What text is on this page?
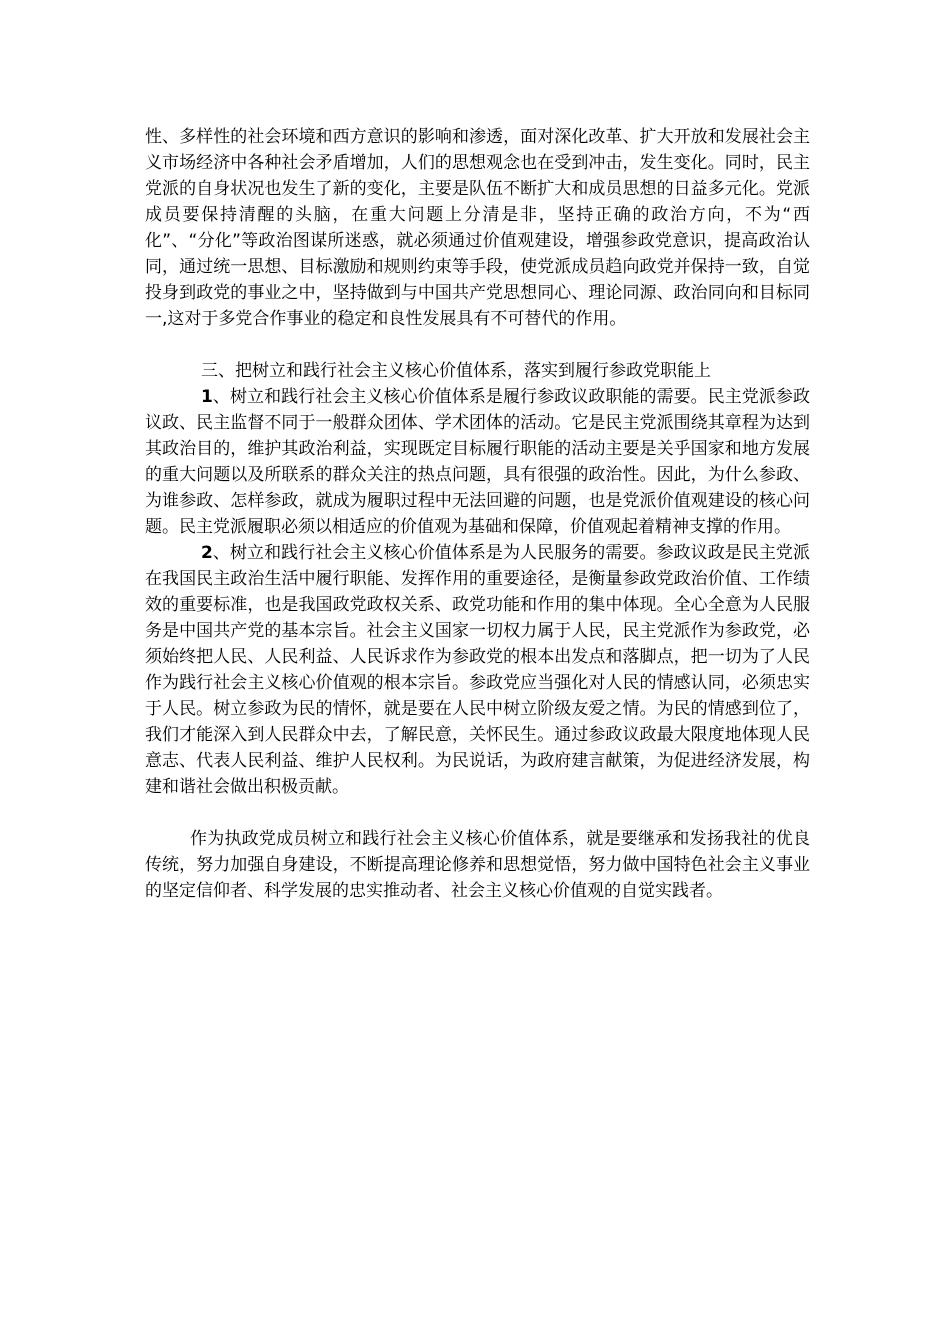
性、多样性的社会环境和西方意识的影响和渗透，面对深化改革、扩大开放和发展社会主义市场经济中各种社会矛盾增加，人们的思想观念也在受到冲击，发生变化。同时，民主党派的自身状况也发生了新的变化，主要是队伍不断扩大和成员思想的日益多元化。党派成员要保持清醒的头脑，在重大问题上分清是非，坚持正确的政治方向，不为“西化”、“分化”等政治图谋所迷惑，就必须通过价值观建设，增强参政党意识，提高政治认同，通过统一思想、目标激励和规则约束等手段，使党派成员趋向政党并保持一致，自觉投身到政党的事业之中，坚持做到与中国共产党思想同心、理论同源、政治同向和目标同一,这对于多党合作事业的稳定和良性发展具有不可替代的作用。

三、把树立和践行社会主义核心价值体系，落实到履行参政党职能上

1、树立和践行社会主义核心价值体系是履行参政议政职能的需要。民主党派参政议政、民主监督不同于一般群众团体、学术团体的活动。它是民主党派围绕其章程为达到其政治目的，维护其政治利益，实现既定目标履行职能的活动主要是关乎国家和地方发展的重大问题以及所联系的群众关注的热点问题，具有很强的政治性。因此，为什么参政、为谁参政、怎样参政，就成为履职过程中无法回避的问题，也是党派价值观建设的核心问题。民主党派履职必须以相适应的价值观为基础和保障，价值观起着精神支撑的作用。

2、树立和践行社会主义核心价值体系是为人民服务的需要。参政议政是民主党派在我国民主政治生活中履行职能、发挥作用的重要途径，是衡量参政党政治价值、工作绩效的重要标准，也是我国政党政权关系、政党功能和作用的集中体现。全心全意为人民服务是中国共产党的基本宗旨。社会主义国家一切权力属于人民，民主党派作为参政党，必须始终把人民、人民利益、人民诉求作为参政党的根本出发点和落脚点，把一切为了人民作为践行社会主义核心价值观的根本宗旨。参政党应当强化对人民的情感认同，必须忠实于人民。树立参政为民的情怀，就是要在人民中树立阶级友爱之情。为民的情感到位了，我们才能深入到人民群众中去，了解民意，关怀民生。通过参政议政最大限度地体现人民意志、代表人民利益、维护人民权利。为民说话，为政府建言献策，为促进经济发展，构建和谐社会做出积极贡献。

作为执政党成员树立和践行社会主义核心价值体系，就是要继承和发扬我社的优良传统，努力加强自身建设，不断提高理论修养和思想觉悟，努力做中国特色社会主义事业的坚定信仰者、科学发展的忠实推动者、社会主义核心价值观的自觉实践者。
